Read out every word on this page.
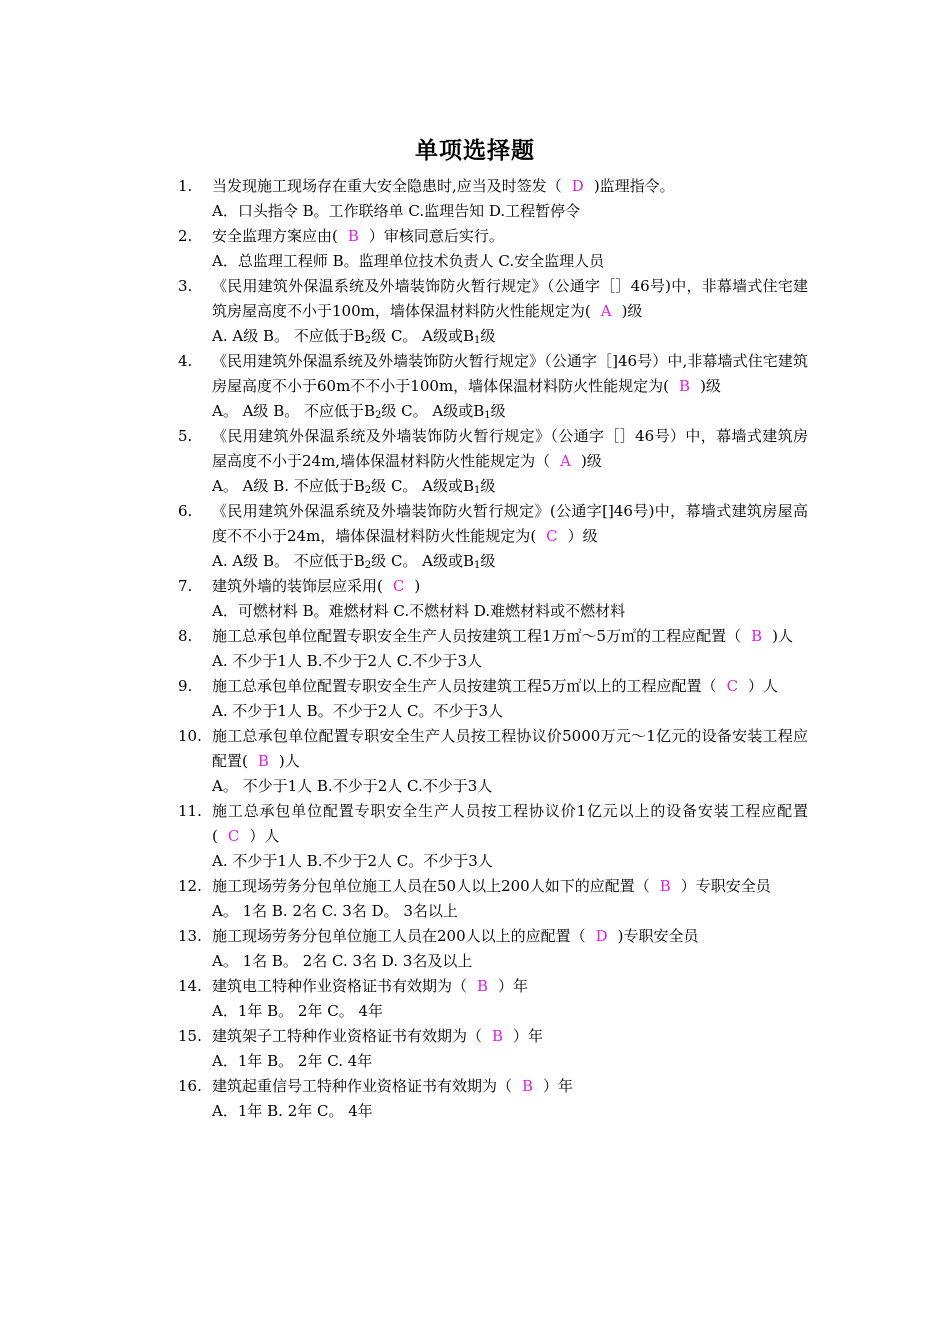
单项选择题
1. 当发现施工现场存在重大安全隐患时,应当及时签发（ D )监理指令。
A．口头指令 B。工作联络单 C.监理告知 D.工程暂停令
2. 安全监理方案应由( B ）审核同意后实行。
A．总监理工程师 B。监理单位技术负责人 C.安全监理人员
3. 《民用建筑外保温系统及外墙装饰防火暂行规定》（公通字［］46号)中，非幕墙式住宅建筑房屋高度不小于100m，墙体保温材料防火性能规定为( A )级
A. A级 B。 不应低于$B_2$级 C。 A级或$B_1$级
4. 《民用建筑外保温系统及外墙装饰防火暂行规定》（公通字［]46号）中,非幕墙式住宅建筑房屋高度不小于60m不不小于100m，墙体保温材料防火性能规定为( B )级
A。 A级 B。 不应低于$B_2$级 C。 A级或$B_1$级
5. 《民用建筑外保温系统及外墙装饰防火暂行规定》（公通字［］46号）中，幕墙式建筑房屋高度不小于24m,墙体保温材料防火性能规定为（ A )级
A。 A级 B. 不应低于$B_2$级 C。 A级或$B_1$级
6. 《民用建筑外保温系统及外墙装饰防火暂行规定》(公通字[]46号)中，幕墙式建筑房屋高度不不小于24m，墙体保温材料防火性能规定为( C ）级
A. A级 B。 不应低于$B_2$级 C。 A级或$B_1$级
7. 建筑外墙的装饰层应采用( C )
A．可燃材料 B。难燃材料 C.不燃材料 D.难燃材料或不燃材料
8. 施工总承包单位配置专职安全生产人员按建筑工程1万㎡～5万㎡的工程应配置（ B )人
A. 不少于1人 B.不少于2人 C.不少于3人
9. 施工总承包单位配置专职安全生产人员按建筑工程5万㎡以上的工程应配置（ C ）人
A. 不少于1人 B。不少于2人 C。不少于3人
10. 施工总承包单位配置专职安全生产人员按工程协议价5000万元～1亿元的设备安装工程应配置( B )人
A。 不少于1人 B.不少于2人 C.不少于3人
11. 施工总承包单位配置专职安全生产人员按工程协议价1亿元以上的设备安装工程应配置( C ）人
A. 不少于1人 B.不少于2人 C。不少于3人
12. 施工现场劳务分包单位施工人员在50人以上200人如下的应配置（ B ）专职安全员
A。 1名 B. 2名 C. 3名 D。 3名以上
13. 施工现场劳务分包单位施工人员在200人以上的应配置（ D )专职安全员
A。 1名 B。 2名 C. 3名 D. 3名及以上
14. 建筑电工特种作业资格证书有效期为（ B ）年
A．1年 B。 2年 C。 4年
15. 建筑架子工特种作业资格证书有效期为（ B ）年
A．1年 B。 2年 C. 4年
16. 建筑起重信号工特种作业资格证书有效期为（ B ）年
A．1年 B. 2年 C。 4年
